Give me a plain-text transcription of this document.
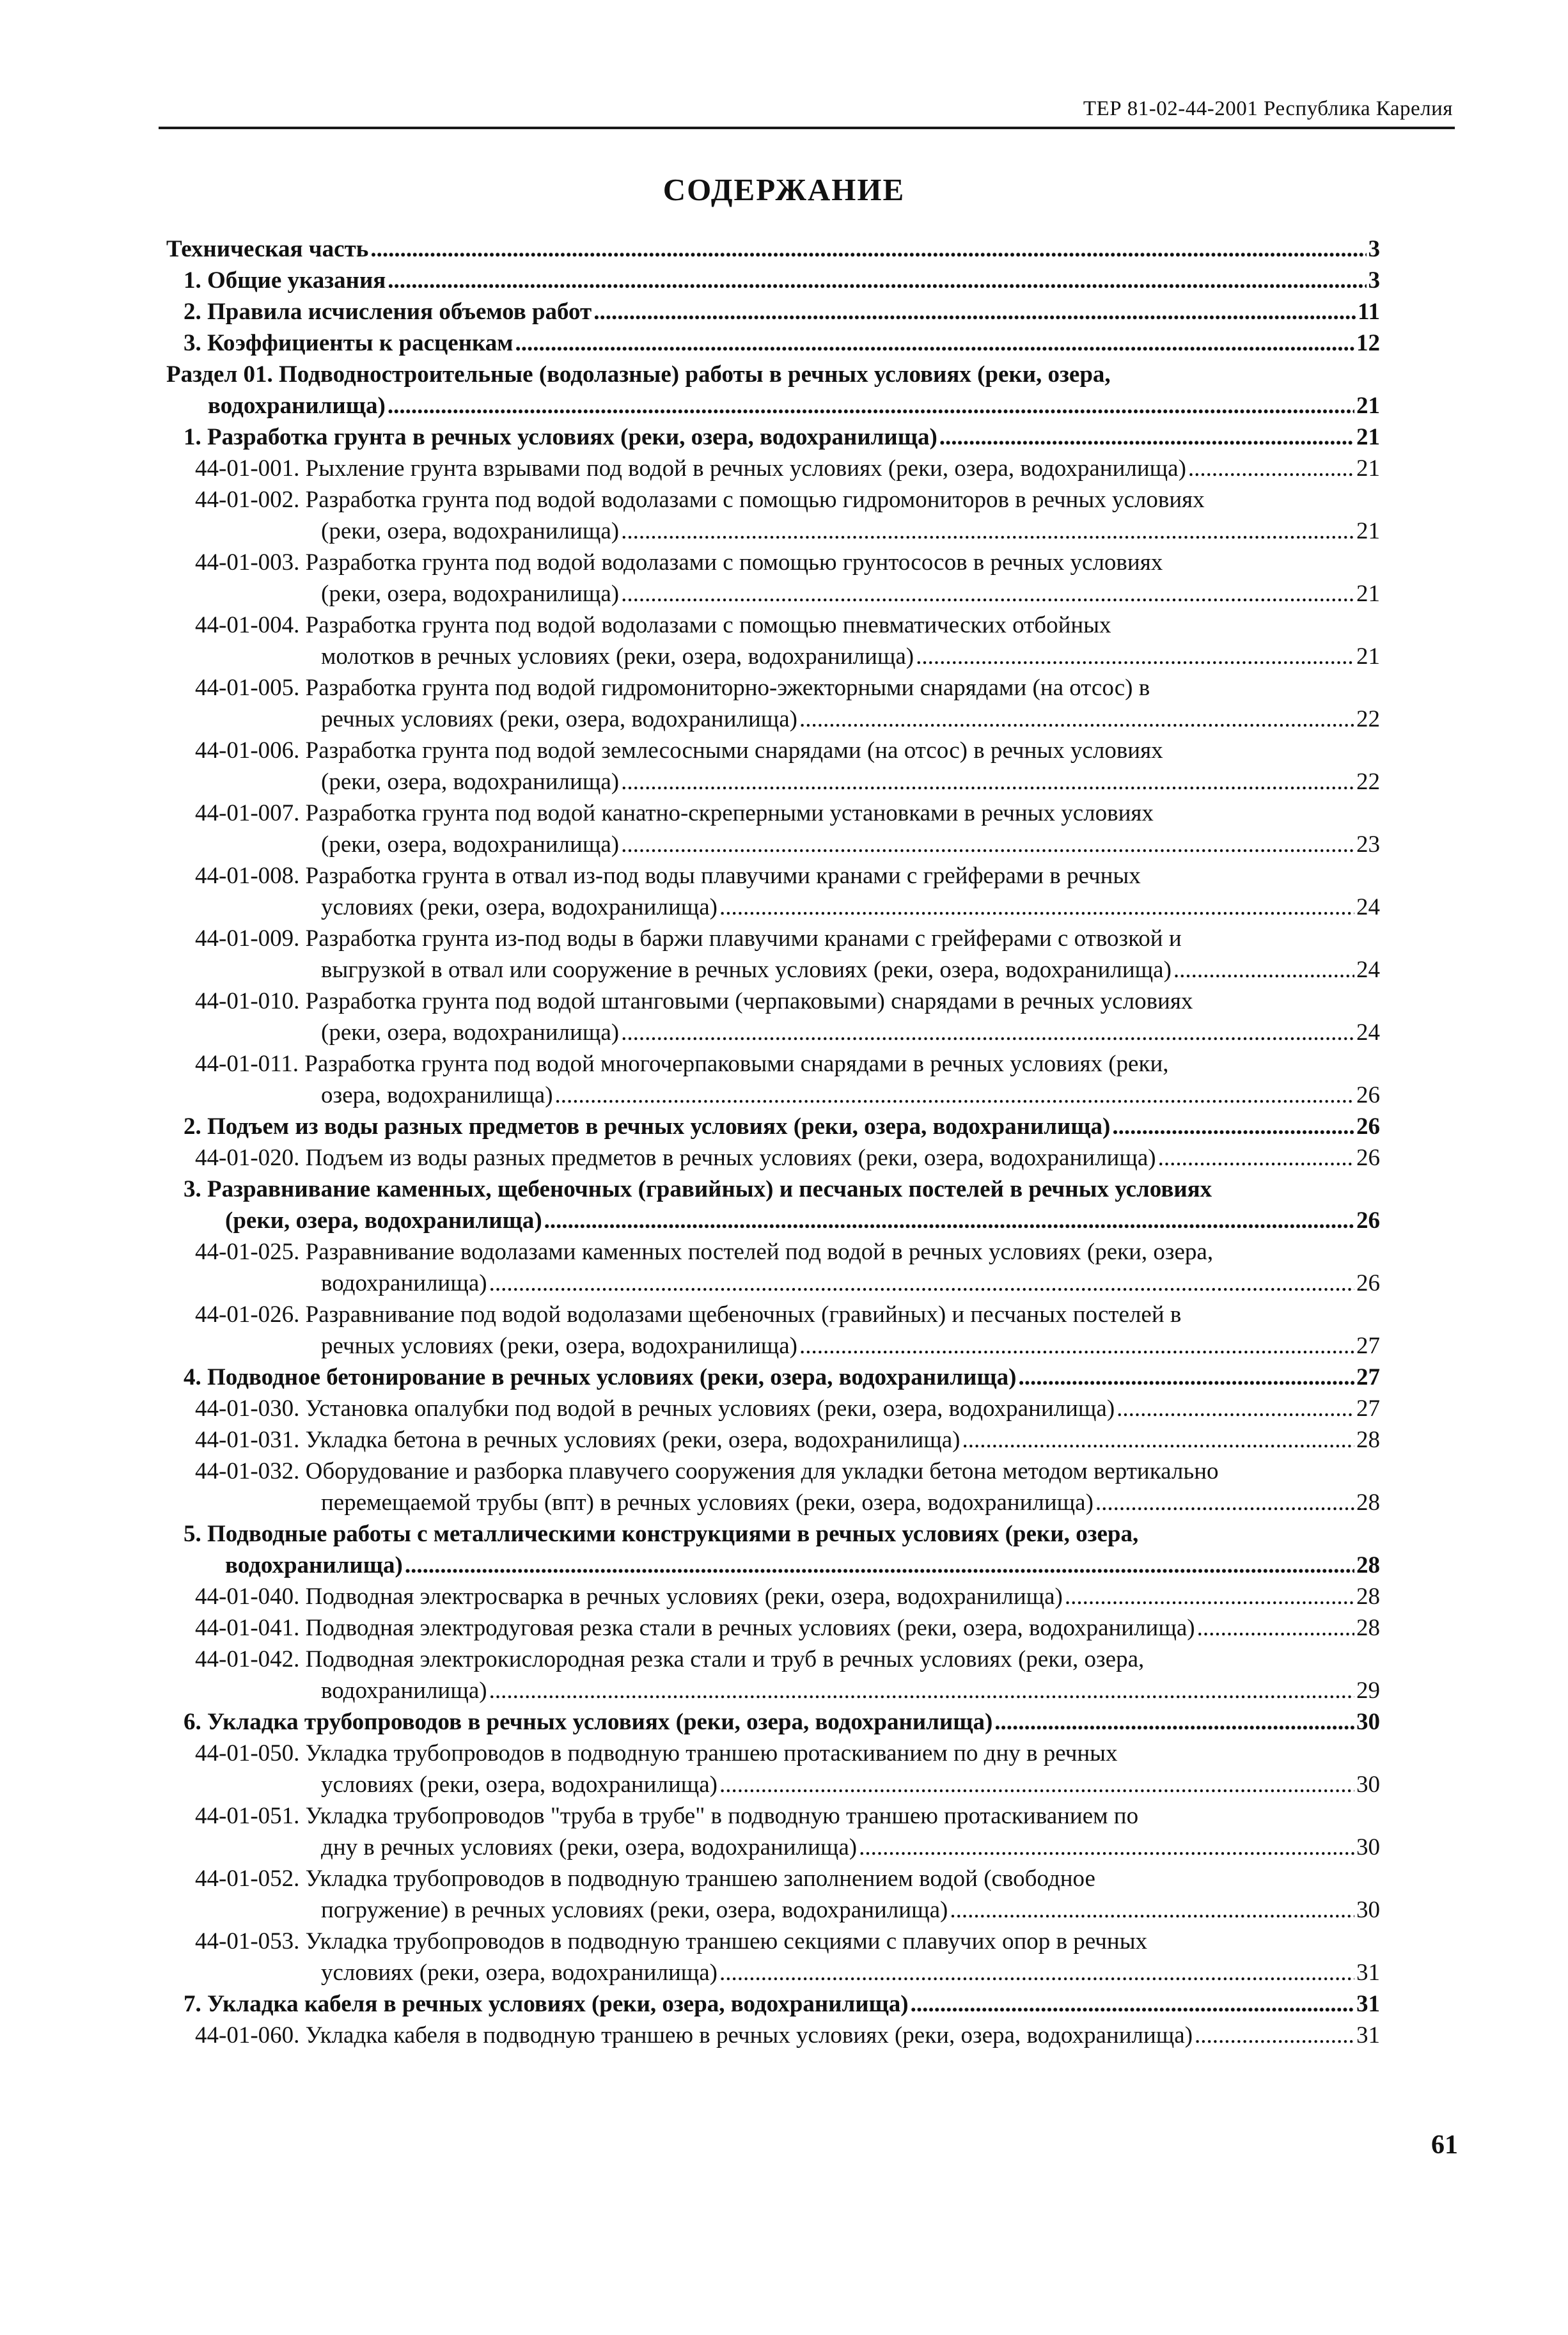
ТЕР 81-02-44-2001 Республика Карелия
СОДЕРЖАНИЕ
Техническая часть .....	3
1. Общие указания .....	3
2. Правила исчисления объемов работ .....	11
3. Коэффициенты к расценкам .....	12
Раздел 01. Подводностроительные (водолазные) работы в речных условиях (реки, озера,
водохранилища) .....	21
1. Разработка грунта в речных условиях (реки, озера, водохранилища) .....	21
44-01-001. Рыхление грунта взрывами под водой в речных условиях (реки, озера, водохранилища) .....	21
44-01-002. Разработка грунта под водой водолазами с помощью гидромониторов в речных условиях
(реки, озера, водохранилища) .....	21
44-01-003. Разработка грунта под водой водолазами с помощью грунтососов в речных условиях
(реки, озера, водохранилища) .....	21
44-01-004. Разработка грунта под водой водолазами с помощью пневматических отбойных
молотков в речных условиях (реки, озера, водохранилища) .....	21
44-01-005. Разработка грунта под водой гидромониторно-эжекторными снарядами (на отсос) в
речных условиях (реки, озера, водохранилища) .....	22
44-01-006. Разработка грунта под водой землесосными снарядами (на отсос) в речных условиях
(реки, озера, водохранилища) .....	22
44-01-007. Разработка грунта под водой канатно-скреперными установками в речных условиях
(реки, озера, водохранилища) .....	23
44-01-008. Разработка грунта в отвал из-под воды плавучими кранами с грейферами в речных
условиях (реки, озера, водохранилища) .....	24
44-01-009. Разработка грунта из-под воды в баржи плавучими кранами с грейферами с отвозкой и
выгрузкой в отвал или сооружение в речных условиях (реки, озера, водохранилища) .....	24
44-01-010. Разработка грунта под водой штанговыми (черпаковыми) снарядами в речных условиях
(реки, озера, водохранилища) .....	24
44-01-011. Разработка грунта под водой многочерпаковыми снарядами в речных условиях (реки,
озера, водохранилища) .....	26
2. Подъем из воды разных предметов в речных условиях (реки, озера, водохранилища) .....	26
44-01-020. Подъем из воды разных предметов в речных условиях (реки, озера, водохранилища) .....	26
3. Разравнивание каменных, щебеночных (гравийных) и песчаных постелей в речных условиях
(реки, озера, водохранилища) .....	26
44-01-025. Разравнивание водолазами каменных постелей под водой в речных условиях (реки, озера,
водохранилища) .....	26
44-01-026. Разравнивание под водой водолазами щебеночных (гравийных) и песчаных постелей в
речных условиях (реки, озера, водохранилища) .....	27
4. Подводное бетонирование в речных условиях (реки, озера, водохранилища) .....	27
44-01-030. Установка опалубки под водой в речных условиях (реки, озера, водохранилища) .....	27
44-01-031. Укладка бетона в речных условиях (реки, озера, водохранилища) .....	28
44-01-032. Оборудование и разборка плавучего сооружения для укладки бетона методом вертикально
перемещаемой трубы (впт) в речных условиях (реки, озера, водохранилища) .....	28
5. Подводные работы с металлическими конструкциями в речных условиях (реки, озера,
водохранилища) .....	28
44-01-040. Подводная электросварка в речных условиях (реки, озера, водохранилища) .....	28
44-01-041. Подводная электродуговая резка стали в речных условиях (реки, озера, водохранилища) .....	28
44-01-042. Подводная электрокислородная резка стали и труб в речных условиях (реки, озера,
водохранилища) .....	29
6. Укладка трубопроводов в речных условиях (реки, озера, водохранилища) .....	30
44-01-050. Укладка трубопроводов в подводную траншею протаскиванием по дну в речных
условиях (реки, озера, водохранилища) .....	30
44-01-051. Укладка трубопроводов "труба в трубе" в подводную траншею протаскиванием по
дну в речных условиях (реки, озера, водохранилища) .....	30
44-01-052. Укладка трубопроводов в подводную траншею заполнением водой (свободное
погружение) в речных условиях (реки, озера, водохранилища) .....	30
44-01-053. Укладка трубопроводов в подводную траншею секциями с плавучих опор в речных
условиях (реки, озера, водохранилища) .....	31
7. Укладка кабеля в речных условиях (реки, озера, водохранилища) .....	31
44-01-060. Укладка кабеля в подводную траншею в речных условиях (реки, озера, водохранилища) .....	31
61
